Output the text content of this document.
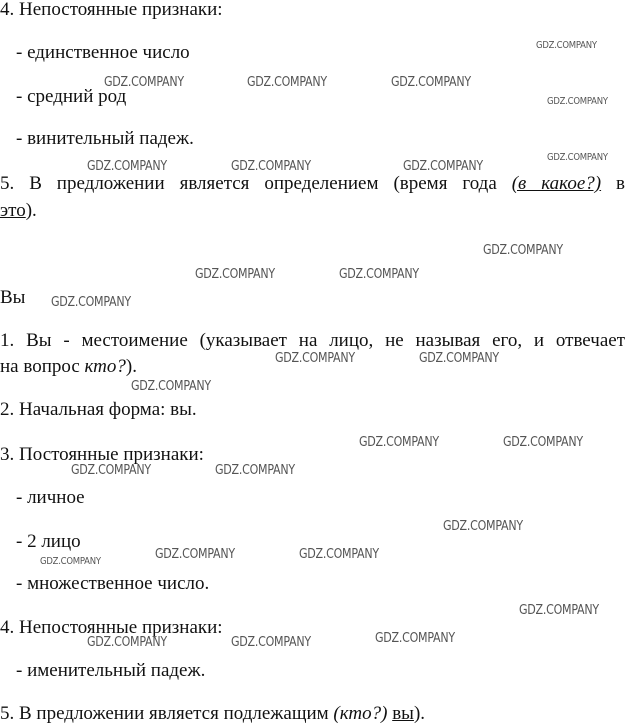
4. Непостоянные признаки:
- единственное число
- средний род
- винительный падеж.
5. В предложении является определением (время года (в какое?) в
это).
Вы
1. Вы - местоимение (указывает на лицо, не называя его, и отвечает
на вопрос кто?).
2. Начальная форма: вы.
3. Постоянные признаки:
- личное
- 2 лицо
- множественное число.
4. Непостоянные признаки:
- именительный падеж.
5. В предложении является подлежащим (кто?) вы).
GDZ.COMPANY
GDZ.COMPANY	GDZ.COMPANY	GDZ.COMPANY
GDZ.COMPANY
GDZ.COMPANY
GDZ.COMPANY	GDZ.COMPANY	GDZ.COMPANY
GDZ.COMPANY
GDZ.COMPANY	GDZ.COMPANY
GDZ.COMPANY
GDZ.COMPANY	GDZ.COMPANY
GDZ.COMPANY
GDZ.COMPANY	GDZ.COMPANY
GDZ.COMPANY	GDZ.COMPANY
GDZ.COMPANY
GDZ.COMPANY	GDZ.COMPANY
GDZ.COMPANY
GDZ.COMPANY
GDZ.COMPANY
GDZ.COMPANY	GDZ.COMPANY
